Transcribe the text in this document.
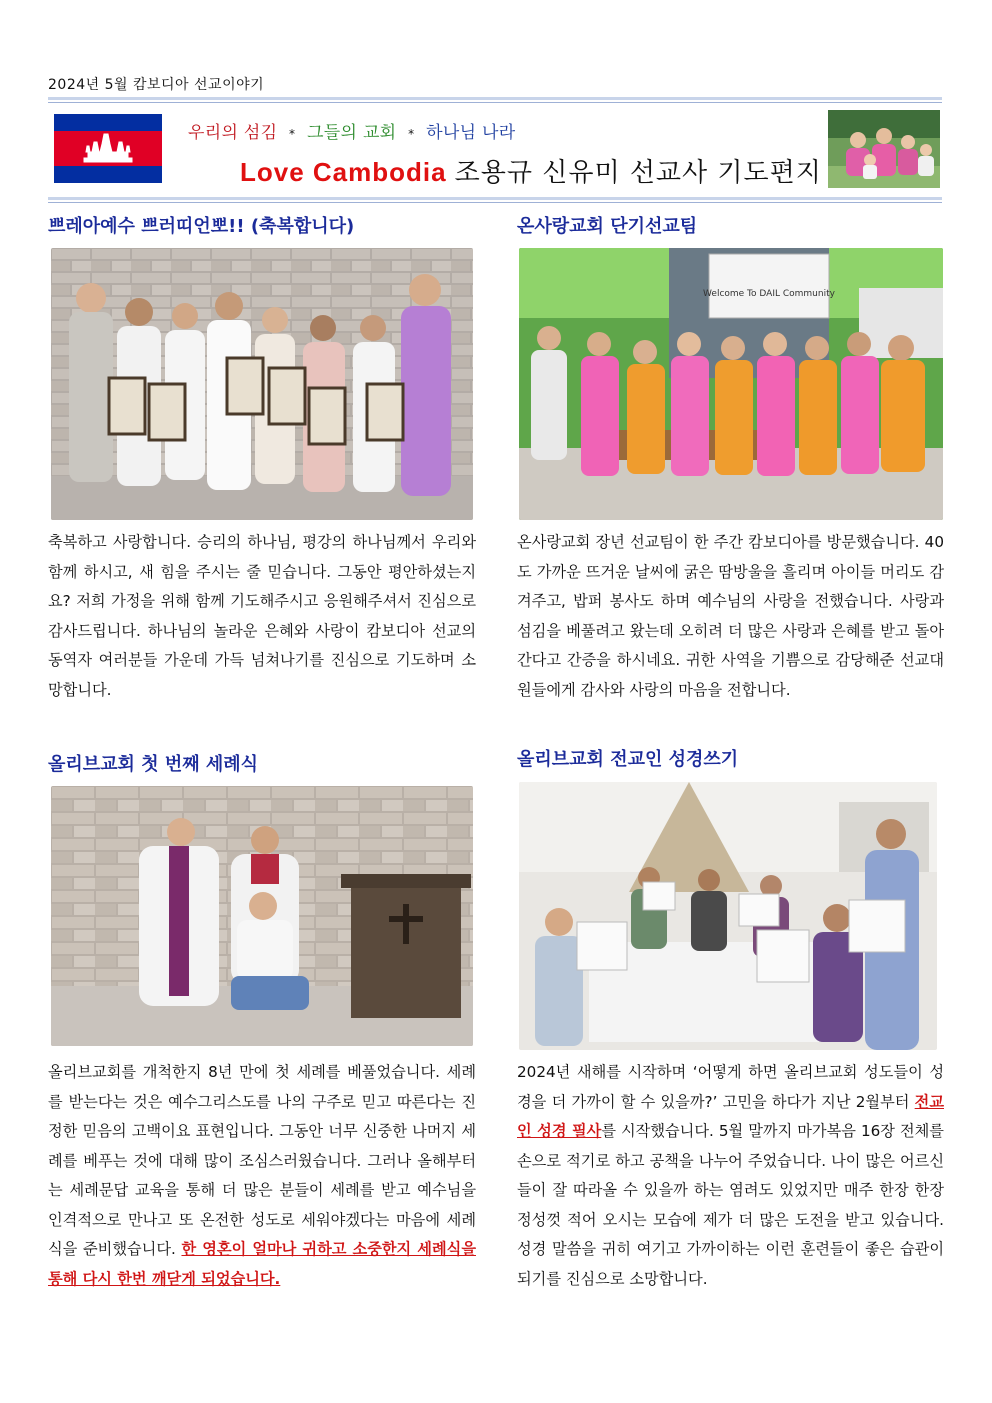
2024년 5월 캄보디아 선교이야기
우리의 섬김 * 그들의 교회 * 하나님 나라
Love Cambodia 조용규 신유미 선교사 기도편지
쁘레아예수 쁘러띠언뽀!! (축복합니다)
축복하고 사랑합니다. 승리의 하나님, 평강의 하나님께서 우리와 함께 하시고, 새 힘을 주시는 줄 믿습니다. 그동안 평안하셨는지요? 저희 가정을 위해 함께 기도해주시고 응원해주셔서 진심으로 감사드립니다. 하나님의 놀라운 은혜와 사랑이 캄보디아 선교의 동역자 여러분들 가운데 가득 넘쳐나기를 진심으로 기도하며 소망합니다.
온사랑교회 단기선교팀
Welcome To DAIL Community
온사랑교회 장년 선교팀이 한 주간 캄보디아를 방문했습니다. 40도 가까운 뜨거운 날씨에 굵은 땀방울을 흘리며 아이들 머리도 감겨주고, 밥퍼 봉사도 하며 예수님의 사랑을 전했습니다. 사랑과 섬김을 베풀려고 왔는데 오히려 더 많은 사랑과 은혜를 받고 돌아간다고 간증을 하시네요. 귀한 사역을 기쁨으로 감당해준 선교대원들에게 감사와 사랑의 마음을 전합니다.
올리브교회 첫 번째 세례식
올리브교회를 개척한지 8년 만에 첫 세례를 베풀었습니다. 세례를 받는다는 것은 예수그리스도를 나의 구주로 믿고 따른다는 진정한 믿음의 고백이요 표현입니다. 그동안 너무 신중한 나머지 세례를 베푸는 것에 대해 많이 조심스러웠습니다. 그러나 올해부터는 세례문답 교육을 통해 더 많은 분들이 세례를 받고 예수님을 인격적으로 만나고 또 온전한 성도로 세워야겠다는 마음에 세례식을 준비했습니다. 한 영혼이 얼마나 귀하고 소중한지 세례식을 통해 다시 한번 깨닫게 되었습니다.
올리브교회 전교인 성경쓰기
2024년 새해를 시작하며 ‘어떻게 하면 올리브교회 성도들이 성경을 더 가까이 할 수 있을까?’ 고민을 하다가 지난 2월부터 전교인 성경 필사를 시작했습니다. 5월 말까지 마가복음 16장 전체를 손으로 적기로 하고 공책을 나누어 주었습니다. 나이 많은 어르신들이 잘 따라올 수 있을까 하는 염려도 있었지만 매주 한장 한장 정성껏 적어 오시는 모습에 제가 더 많은 도전을 받고 있습니다. 성경 말씀을 귀히 여기고 가까이하는 이런 훈련들이 좋은 습관이 되기를 진심으로 소망합니다.
